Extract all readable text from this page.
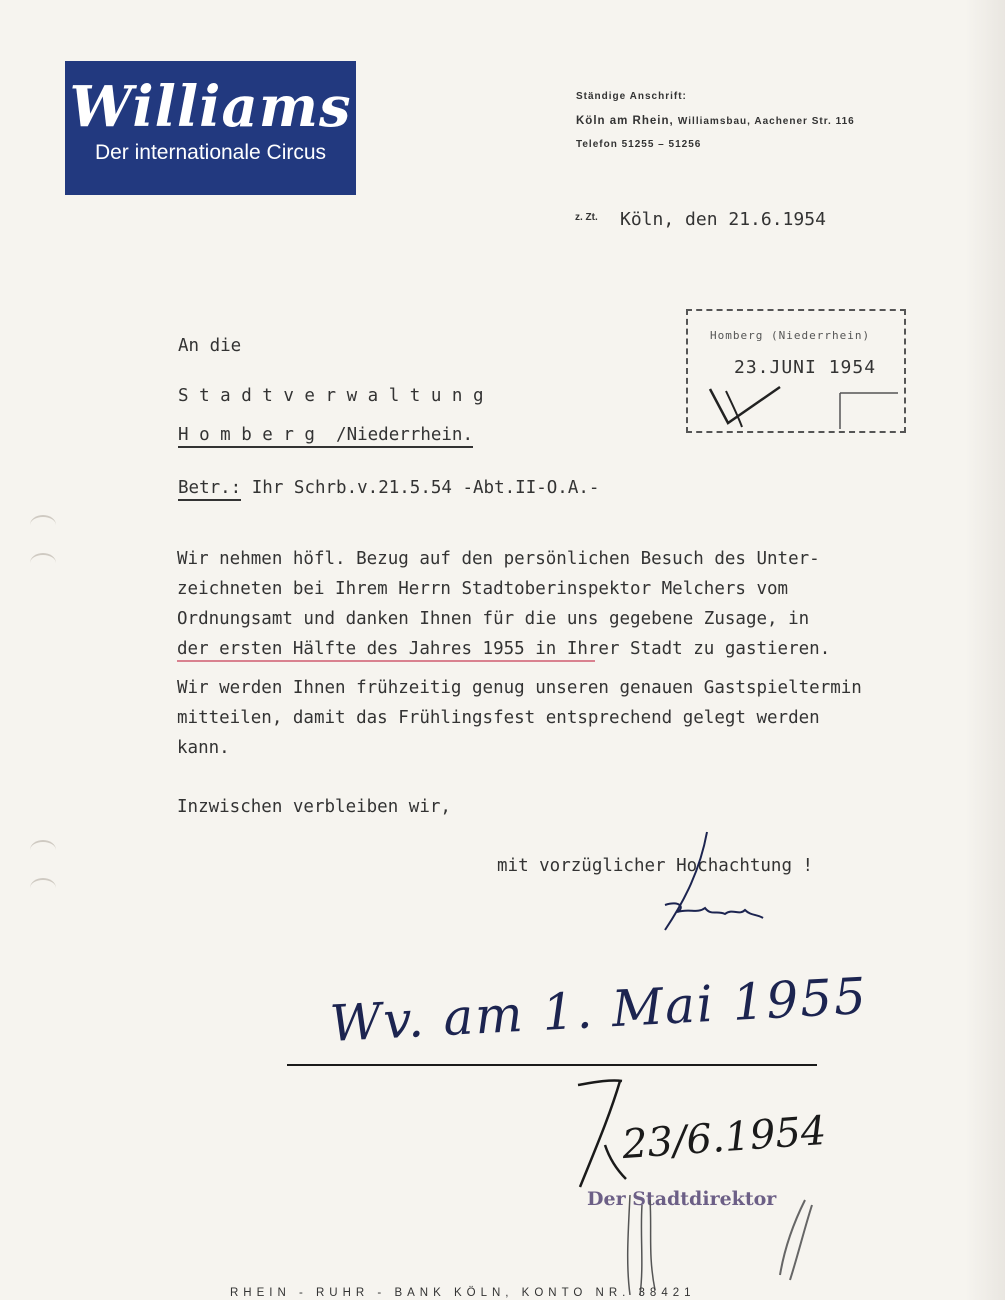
Williams
Der internationale Circus
Ständige Anschrift:
Köln am Rhein, Williamsbau, Aachener Str. 116
Telefon 51255 – 51256
z. Zt. Köln, den 21.6.1954
Homberg (Niederrhein)
23.JUNI 1954
An die
S t a d t v e r w a l t u n g
H o m b e r g  /Niederrhein.
Betr.: Ihr Schrb.v.21.5.54 -Abt.II-O.A.-
Wir nehmen höfl. Bezug auf den persönlichen Besuch des Unter-
zeichneten bei Ihrem Herrn Stadtoberinspektor Melchers vom
Ordnungsamt und danken Ihnen für die uns gegebene Zusage, in
der ersten Hälfte des Jahres 1955 in Ihrer Stadt zu gastieren.
Wir werden Ihnen frühzeitig genug unseren genauen Gastspieltermin
mitteilen, damit das Frühlingsfest entsprechend gelegt werden
kann.
Inzwischen verbleiben wir,
mit vorzüglicher Hochachtung !
Wv. am 1. Mai 1955
23/6.1954
Der Stadtdirektor
RHEIN - RUHR - BANK KÖLN, KONTO NR. 38421
